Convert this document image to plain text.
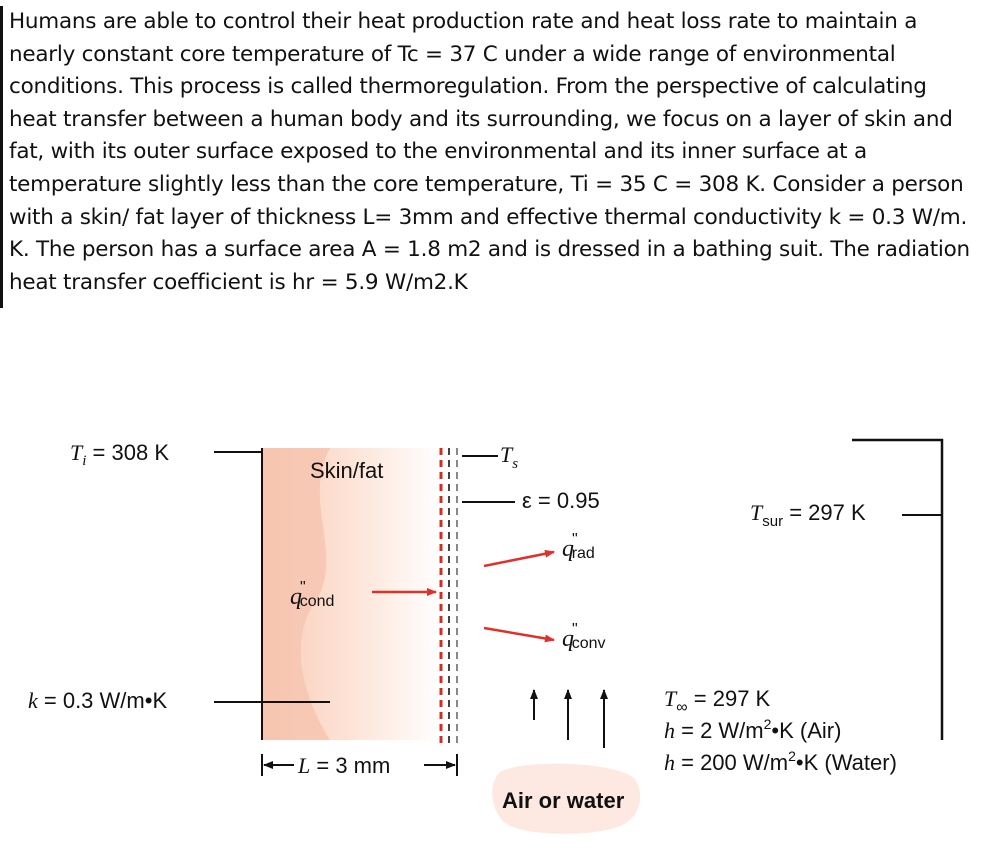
Humans are able to control their heat production rate and heat loss rate to maintain a
nearly constant core temperature of Tc = 37 C under a wide range of environmental
conditions. This process is called thermoregulation. From the perspective of calculating
heat transfer between a human body and its surrounding, we focus on a layer of skin and
fat, with its outer surface exposed to the environmental and its inner surface at a
temperature slightly less than the core temperature, Ti = 35 C = 308 K. Consider a person
with a skin/ fat layer of thickness L= 3mm and effective thermal conductivity k = 0.3 W/m.
K. The person has a surface area A = 1.8 m2 and is dressed in a bathing suit. The radiation
heat transfer coefficient is hr = 5.9 W/m2.K
$T_i = 308$ K
Skin/fat
$T_s$
ε = 0.95
q" rad
q" cond
q" conv
$T_{sur} = 297$ K
k = 0.3 W/m•K	$T_\infty = 297$ K
h = 2 $W/m^2•K$ (Air)
h = 200 $W/m^2•K$ (Water)
L = 3 mm
Air or water
